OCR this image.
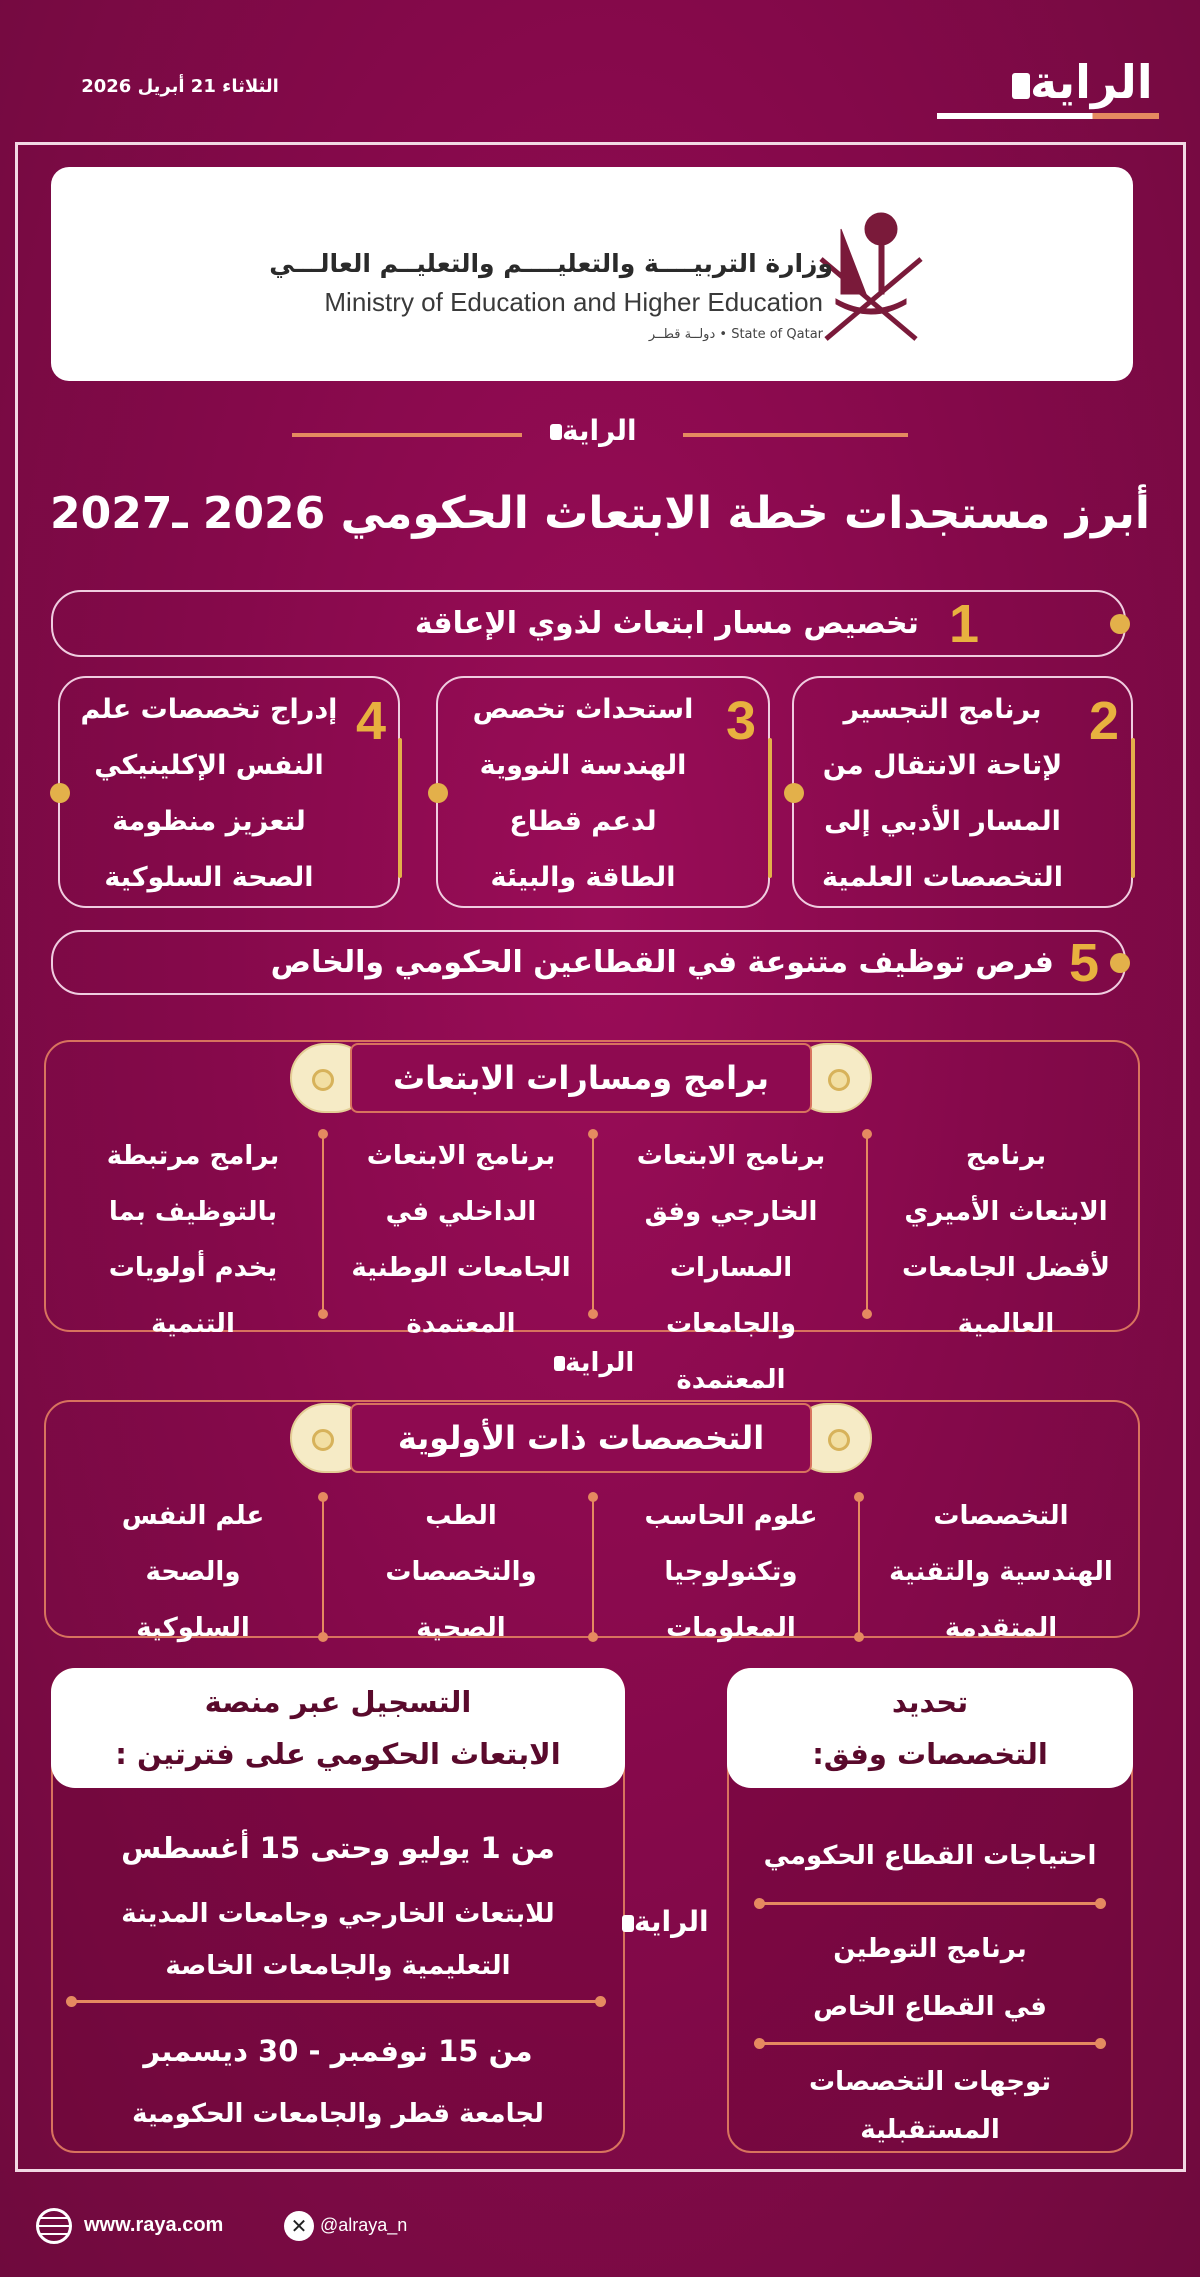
الراية
الثلاثاء 21 أبريل 2026
وزارة التربيــــة والتعليــــم والتعليــم العالـــي
Ministry of Education and Higher Education
State of Qatar • دولــة قطــر
الراية
أبرز مستجدات خطة الابتعاث الحكومي 2026 ـ2027
1
تخصيص مسار ابتعاث لذوي الإعاقة
2
برنامج التجسير
لإتاحة الانتقال من
المسار الأدبي إلى
التخصصات العلمية
3
استحداث تخصص
الهندسة النووية
لدعم قطاع
الطاقة والبيئة
4
إدراج تخصصات علم
النفس الإكلينيكي
لتعزيز منظومة
الصحة السلوكية
5
فرص توظيف متنوعة في القطاعين الحكومي والخاص
برنامج
الابتعاث الأميري
لأفضل الجامعات
العالمية
برنامج الابتعاث
الخارجي وفق
المسارات والجامعات
المعتمدة
برنامج الابتعاث
الداخلي في
الجامعات الوطنية
المعتمدة
برامج مرتبطة
بالتوظيف بما
يخدم أولويات
التنمية
برامج ومسارات الابتعاث
الراية
التخصصات
الهندسية والتقنية
المتقدمة
علوم الحاسب
وتكنولوجيا
المعلومات
الطب
والتخصصات
الصحية
علم النفس
والصحة
السلوكية
التخصصات ذات الأولوية
التسجيل عبر منصة
الابتعاث الحكومي على فترتين :
من 1 يوليو وحتى 15 أغسطس
للابتعاث الخارجي وجامعات المدينة
التعليمية والجامعات الخاصة
من 15 نوفمبر - 30 ديسمبر
لجامعة قطر والجامعات الحكومية
الراية
تحديد
التخصصات وفق:
احتياجات القطاع الحكومي
برنامج التوطين
في القطاع الخاص
توجهات التخصصات
المستقبلية
www.raya.com	✕ @alraya_n
